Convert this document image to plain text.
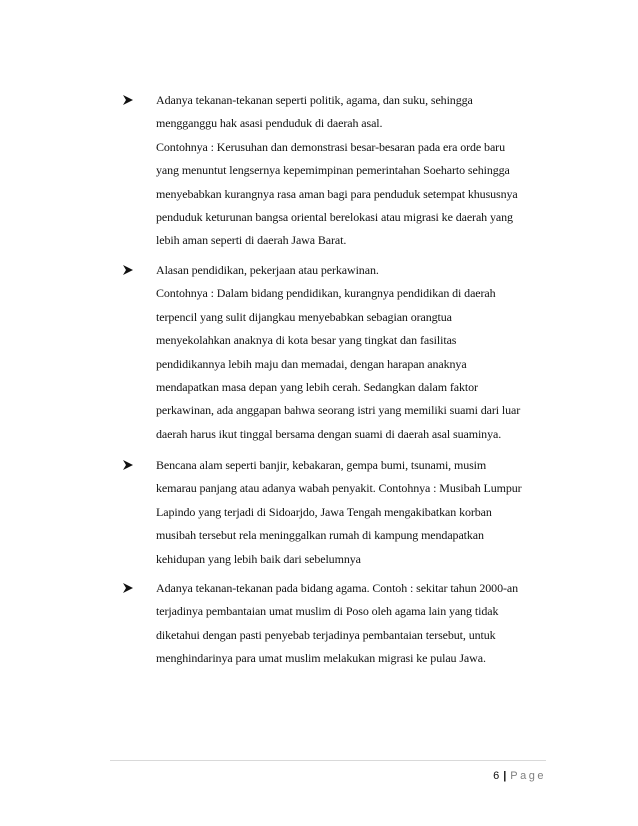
Adanya tekanan-tekanan seperti politik, agama, dan suku, sehingga
mengganggu hak asasi penduduk di daerah asal.
Contohnya : Kerusuhan dan demonstrasi besar-besaran pada era orde baru
yang menuntut lengsernya kepemimpinan pemerintahan Soeharto sehingga
menyebabkan kurangnya rasa aman bagi para penduduk setempat khususnya
penduduk keturunan bangsa oriental berelokasi atau migrasi ke daerah yang
lebih aman seperti di daerah Jawa Barat.
Alasan pendidikan, pekerjaan atau perkawinan.
Contohnya : Dalam bidang pendidikan, kurangnya pendidikan di daerah
terpencil yang sulit dijangkau menyebabkan sebagian orangtua
menyekolahkan anaknya di kota besar yang tingkat dan fasilitas
pendidikannya lebih maju dan memadai, dengan harapan anaknya
mendapatkan masa depan yang lebih cerah. Sedangkan dalam faktor
perkawinan, ada anggapan bahwa seorang istri yang memiliki suami dari luar
daerah harus ikut tinggal bersama dengan suami di daerah asal suaminya.
Bencana alam seperti banjir, kebakaran, gempa bumi, tsunami, musim
kemarau panjang atau adanya wabah penyakit. Contohnya : Musibah Lumpur
Lapindo yang terjadi di Sidoarjdo, Jawa Tengah mengakibatkan korban
musibah tersebut rela meninggalkan rumah di kampung mendapatkan
kehidupan yang lebih baik dari sebelumnya
Adanya tekanan-tekanan pada bidang agama. Contoh : sekitar tahun 2000-an
terjadinya pembantaian umat muslim di Poso oleh agama lain yang tidak
diketahui dengan pasti penyebab terjadinya pembantaian tersebut, untuk
menghindarinya para umat muslim melakukan migrasi ke pulau Jawa.
6 | Page
